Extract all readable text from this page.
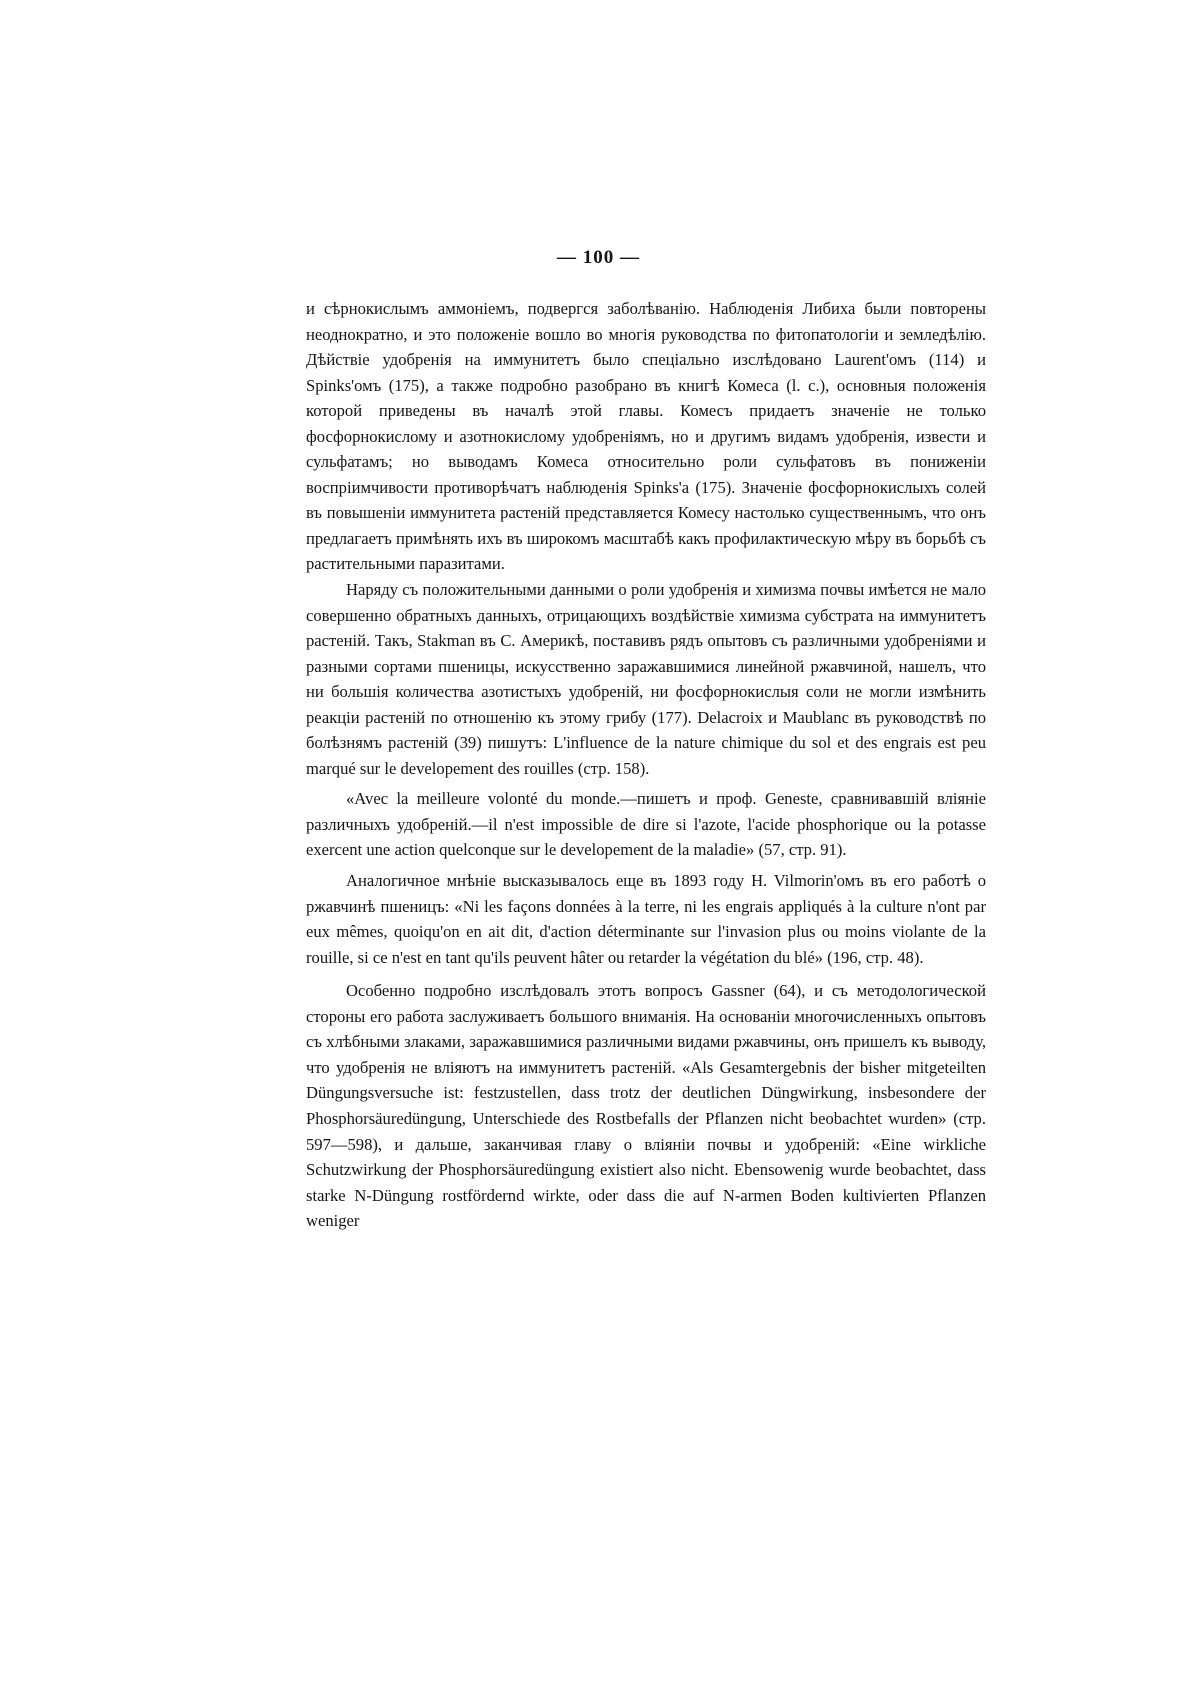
— 100 —

и сѣрнокислымъ аммоніемъ, подвергся заболѣванію. Наблюденія Либиха были повторены неоднократно, и это положеніе вошло во многія руководства по фитопатологіи и земледѣлію. Дѣйствіе удобренія на иммунитетъ было спеціально изслѣдовано Laurent'омъ (114) и Spinks'омъ (175), а также подробно разобрано въ книгѣ Комеса (l. c.), основныя положенія которой приведены въ началѣ этой главы. Комесъ придаетъ значеніе не только фосфорнокислому и азотнокислому удобреніямъ, но и другимъ видамъ удобренія, извести и сульфатамъ; но выводамъ Комеса относительно роли сульфатовъ въ пониженіи воспріимчивости противорѣчатъ наблюденія Spinks'a (175). Значеніе фосфорнокислыхъ солей въ повышеніи иммунитета растеній представляется Комесу настолько существеннымъ, что онъ предлагаетъ примѣнять ихъ въ широкомъ масштабѣ какъ профилактическую мѣру въ борьбѣ съ растительными паразитами.

Наряду съ положительными данными о роли удобренія и химизма почвы имѣется не мало совершенно обратныхъ данныхъ, отрицающихъ воздѣйствіе химизма субстрата на иммунитетъ растеній. Такъ, Stakman въ С. Америкѣ, поставивъ рядъ опытовъ съ различными удобреніями и разными сортами пшеницы, искусственно заражавшимися линейной ржавчиной, нашелъ, что ни большія количества азотистыхъ удобреній, ни фосфорнокислыя соли не могли измѣнить реакціи растеній по отношенію къ этому грибу (177). Delacroix и Maublanc въ руководствѣ по болѣзнямъ растеній (39) пишутъ: L'influence de la nature chimique du sol et des engrais est peu marqué sur le developement des rouilles (стр. 158).

«Avec la meilleure volonté du monde.—пишетъ и проф. Geneste, сравнивавшій вліяніе различныхъ удобреній.—il n'est impossible de dire si l'azote, l'acide phosphorique ou la potasse exercent une action quelconque sur le developement de la maladie» (57, стр. 91).

Аналогичное мнѣніе высказывалось еще въ 1893 году H. Vilmorin'омъ въ его работѣ о ржавчинѣ пшеницъ: «Ni les façons données à la terre, ni les engrais appliqués à la culture n'ont par eux mêmes, quoiqu'on en ait dit, d'action déterminante sur l'invasion plus ou moins violante de la rouille, si ce n'est en tant qu'ils peuvent hâter ou retarder la végétation du blé» (196, стр. 48).

Особенно подробно изслѣдовалъ этотъ вопросъ Gassner (64), и съ методологической стороны его работа заслуживаетъ большого вниманія. На основаніи многочисленныхъ опытовъ съ хлѣбными злаками, заражавшимися различными видами ржавчины, онъ пришелъ къ выводу, что удобренія не вліяютъ на иммунитетъ растеній. «Als Gesamtergebnis der bisher mitgeteilten Düngungsversuche ist: festzustellen, dass trotz der deutlichen Düngwirkung, insbesondere der Phosphorsäuredüngung, Unterschiede des Rostbefalls der Pflanzen nicht beobachtet wurden» (стр. 597—598), и дальше, заканчивая главу о вліяніи почвы и удобреній: «Eine wirkliche Schutzwirkung der Phosphorsäuredüngung existiert also nicht. Ebensowenig wurde beobachtet, dass starke N-Düngung rostfördernd wirkte, oder dass die auf N-armen Boden kultivierten Pflanzen weniger
